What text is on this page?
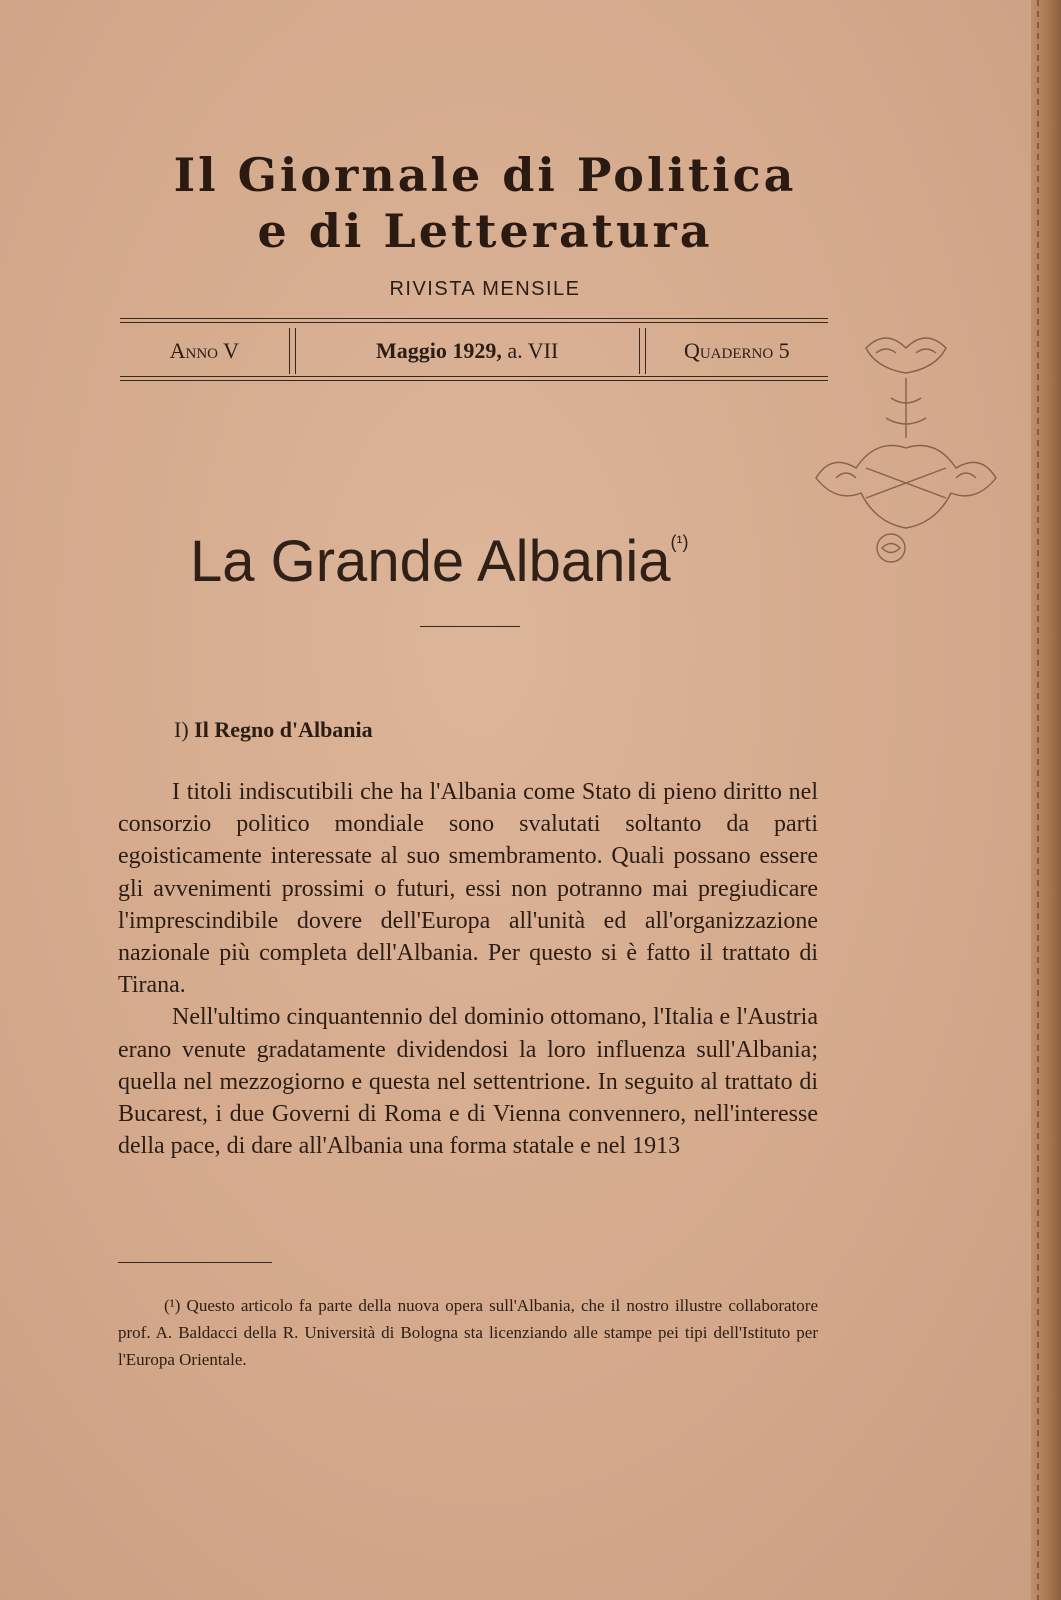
Il Giornale di Politica
e di Letteratura
RIVISTA MENSILE
Anno V	Maggio 1929,
a. VII	Quaderno 5
La Grande Albania$^{(^1)}$
I) Il Regno d'Albania

I titoli indiscutibili che ha l'Albania come Stato di pieno diritto nel consorzio politico mondiale sono svalutati soltanto da parti egoisticamente interessate al suo smembramento. Quali possano essere gli avvenimenti prossimi o futuri, essi non potranno mai pregiudicare l'imprescindibile dovere dell'Europa all'unità ed all'organizzazione nazionale più completa dell'Albania. Per questo si è fatto il trattato di Tirana.

Nell'ultimo cinquantennio del dominio ottomano, l'Italia e l'Austria erano venute gradatamente dividendosi la loro influenza sull'Albania; quella nel mezzogiorno e questa nel settentrione. In seguito al trattato di Bucarest, i due Governi di Roma e di Vienna convennero, nell'interesse della pace, di dare all'Albania una forma statale e nel 1913

(¹) Questo articolo fa parte della nuova opera sull'Albania, che il nostro illustre collaboratore prof. A. Baldacci della R. Università di Bologna sta licenziando alle stampe pei tipi dell'Istituto per l'Europa Orientale.
